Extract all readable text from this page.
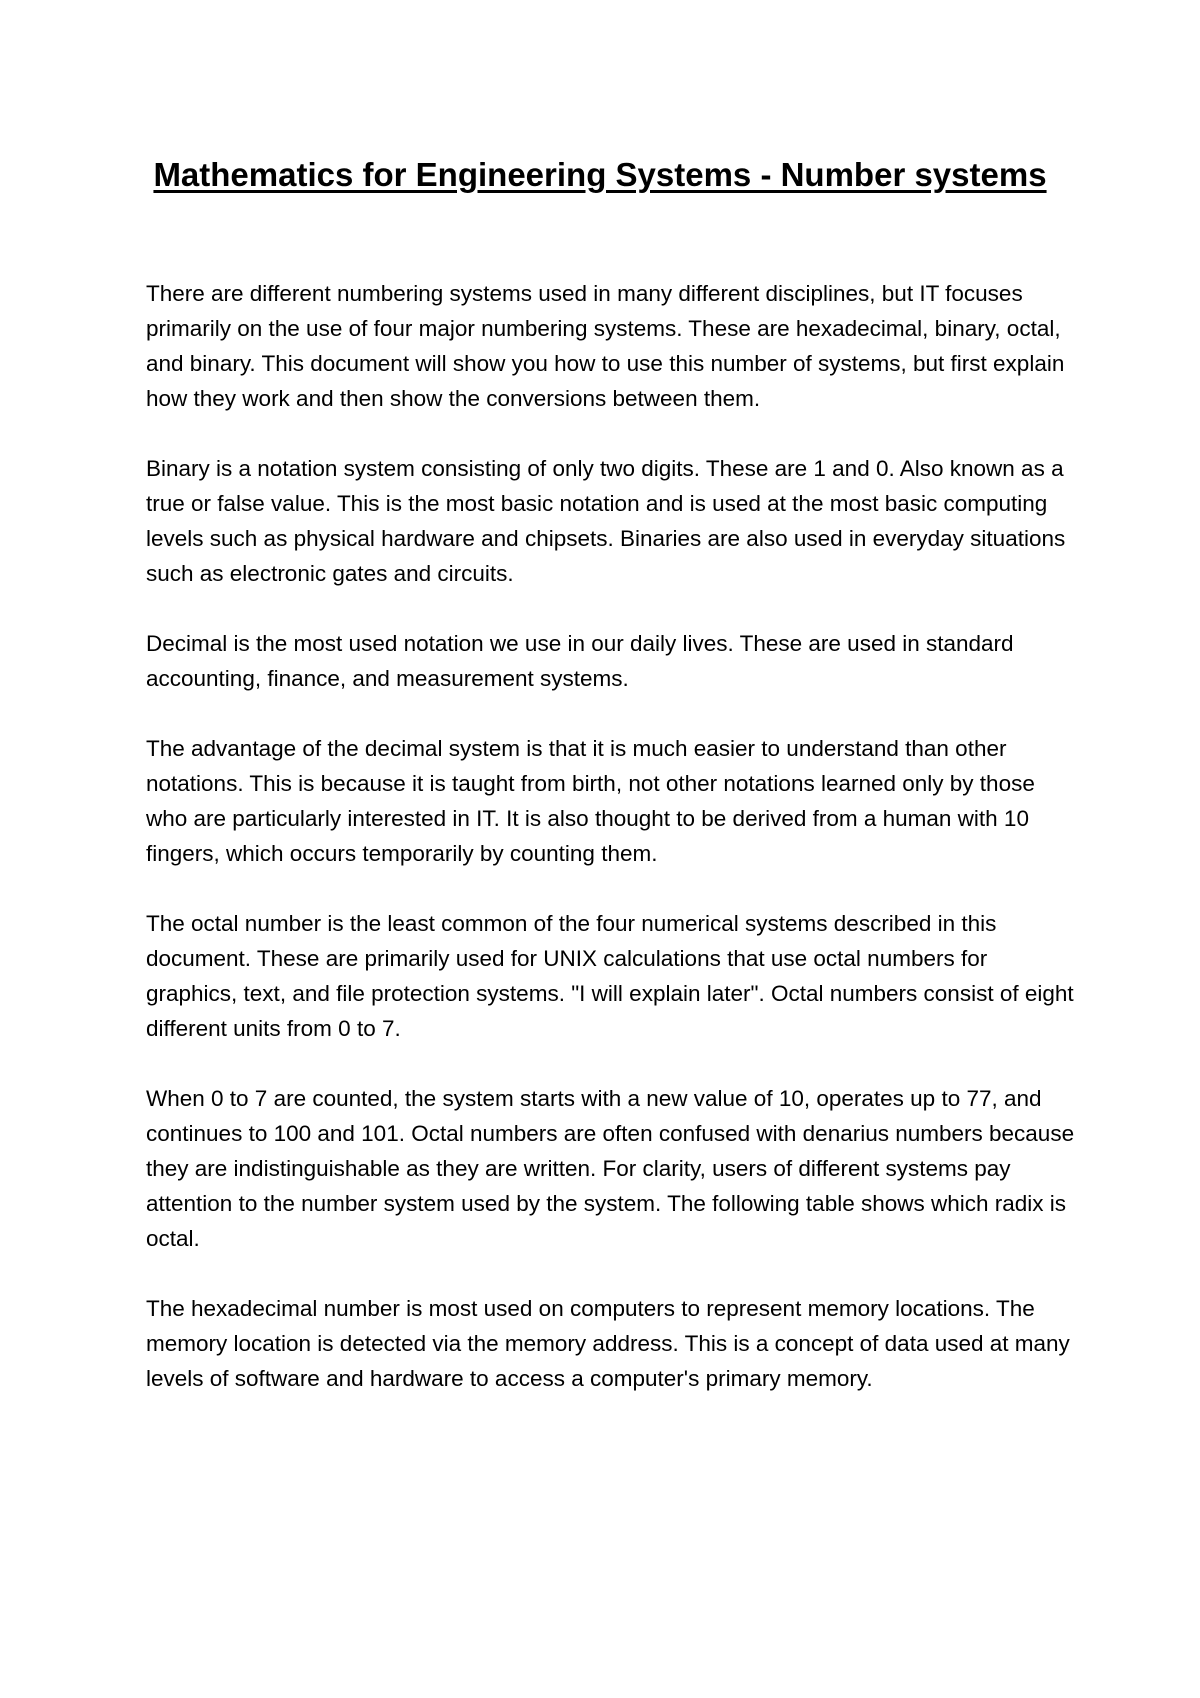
Mathematics for Engineering Systems - Number systems

There are different numbering systems used in many different disciplines, but IT focuses primarily on the use of four major numbering systems. These are hexadecimal, binary, octal, and binary. This document will show you how to use this number of systems, but first explain how they work and then show the conversions between them.

Binary is a notation system consisting of only two digits. These are 1 and 0. Also known as a true or false value. This is the most basic notation and is used at the most basic computing levels such as physical hardware and chipsets. Binaries are also used in everyday situations such as electronic gates and circuits.

Decimal is the most used notation we use in our daily lives. These are used in standard accounting, finance, and measurement systems.

The advantage of the decimal system is that it is much easier to understand than other notations. This is because it is taught from birth, not other notations learned only by those who are particularly interested in IT. It is also thought to be derived from a human with 10 fingers, which occurs temporarily by counting them.

The octal number is the least common of the four numerical systems described in this document. These are primarily used for UNIX calculations that use octal numbers for graphics, text, and file protection systems. "I will explain later". Octal numbers consist of eight different units from 0 to 7.

When 0 to 7 are counted, the system starts with a new value of 10, operates up to 77, and continues to 100 and 101. Octal numbers are often confused with denarius numbers because they are indistinguishable as they are written. For clarity, users of different systems pay attention to the number system used by the system. The following table shows which radix is octal.

The hexadecimal number is most used on computers to represent memory locations. The memory location is detected via the memory address. This is a concept of data used at many levels of software and hardware to access a computer's primary memory.
